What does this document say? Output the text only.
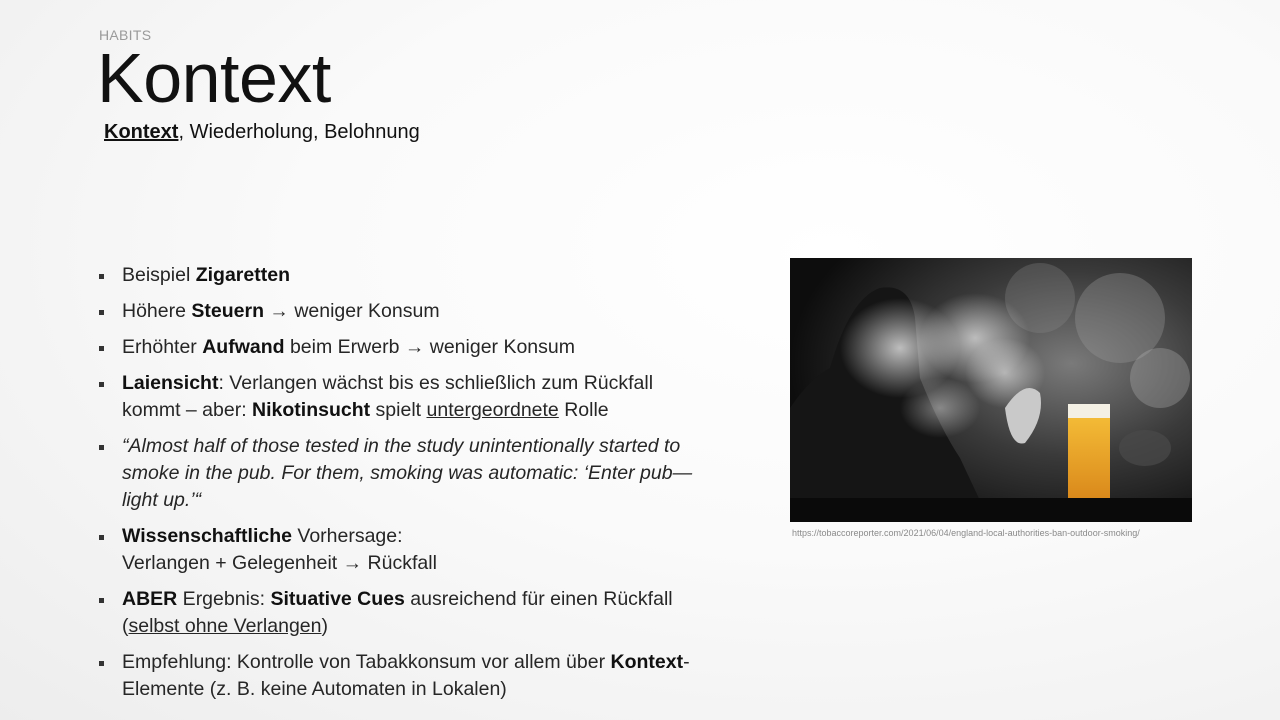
HABITS
Kontext
Kontext, Wiederholung, Belohnung
Beispiel Zigaretten
Höhere Steuern → weniger Konsum
Erhöhter Aufwand beim Erwerb → weniger Konsum
Laiensicht: Verlangen wächst bis es schließlich zum Rückfall kommt – aber: Nikotinsucht spielt untergeordnete Rolle
“Almost half of those tested in the study unintentionally started to smoke in the pub. For them, smoking was automatic: ‘Enter pub—light up.’“
Wissenschaftliche Vorhersage:
Verlangen + Gelegenheit → Rückfall
ABER Ergebnis: Situative Cues ausreichend für einen Rückfall (selbst ohne Verlangen)
Empfehlung: Kontrolle von Tabakkonsum vor allem über Kontext-Elemente (z. B. keine Automaten in Lokalen)
https://tobaccoreporter.com/2021/06/04/england-local-authorities-ban-outdoor-smoking/
